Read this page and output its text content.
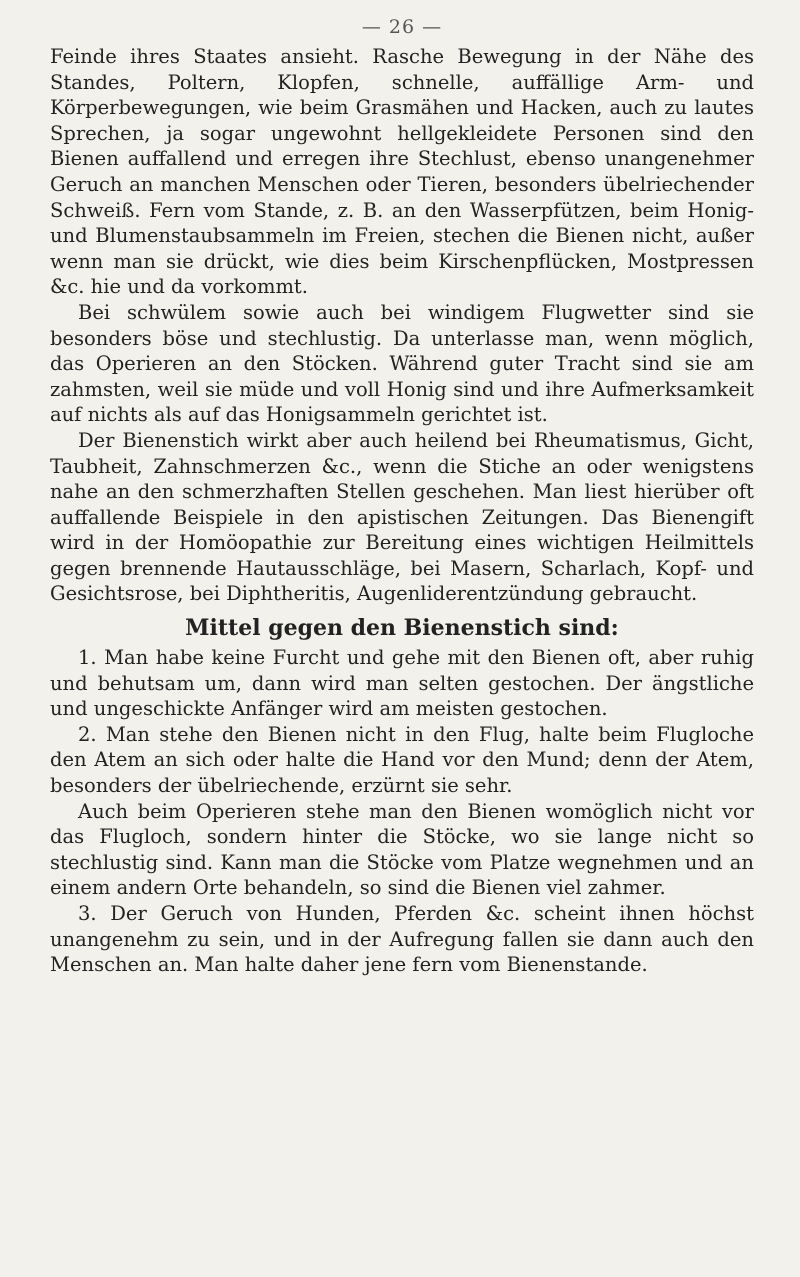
— 26 —

Feinde ihres Staates ansieht. Rasche Bewegung in der Nähe des Standes, Poltern, Klopfen, schnelle, auffällige Arm- und Körperbewegungen, wie beim Grasmähen und Hacken, auch zu lautes Sprechen, ja sogar ungewohnt hellgekleidete Personen sind den Bienen auffallend und erregen ihre Stechlust, ebenso unangenehmer Geruch an manchen Menschen oder Tieren, besonders übelriechender Schweiß. Fern vom Stande, z. B. an den Wasserpfützen, beim Honig- und Blumenstaubsammeln im Freien, stechen die Bienen nicht, außer wenn man sie drückt, wie dies beim Kirschenpflücken, Mostpressen &c. hie und da vorkommt.

Bei schwülem sowie auch bei windigem Flugwetter sind sie besonders böse und stechlustig. Da unterlasse man, wenn möglich, das Operieren an den Stöcken. Während guter Tracht sind sie am zahmsten, weil sie müde und voll Honig sind und ihre Aufmerksamkeit auf nichts als auf das Honigsammeln gerichtet ist.

Der Bienenstich wirkt aber auch heilend bei Rheumatismus, Gicht, Taubheit, Zahnschmerzen &c., wenn die Stiche an oder wenigstens nahe an den schmerzhaften Stellen geschehen. Man liest hierüber oft auffallende Beispiele in den apistischen Zeitungen. Das Bienengift wird in der Homöopathie zur Bereitung eines wichtigen Heilmittels gegen brennende Hautausschläge, bei Masern, Scharlach, Kopf- und Gesichtsrose, bei Diphtheritis, Augenliderentzündung gebraucht.

Mittel gegen den Bienenstich sind:

1. Man habe keine Furcht und gehe mit den Bienen oft, aber ruhig und behutsam um, dann wird man selten gestochen. Der ängstliche und ungeschickte Anfänger wird am meisten gestochen.

2. Man stehe den Bienen nicht in den Flug, halte beim Flugloche den Atem an sich oder halte die Hand vor den Mund; denn der Atem, besonders der übelriechende, erzürnt sie sehr.

Auch beim Operieren stehe man den Bienen womöglich nicht vor das Flugloch, sondern hinter die Stöcke, wo sie lange nicht so stechlustig sind. Kann man die Stöcke vom Platze wegnehmen und an einem andern Orte behandeln, so sind die Bienen viel zahmer.

3. Der Geruch von Hunden, Pferden &c. scheint ihnen höchst unangenehm zu sein, und in der Aufregung fallen sie dann auch den Menschen an. Man halte daher jene fern vom Bienenstande.
